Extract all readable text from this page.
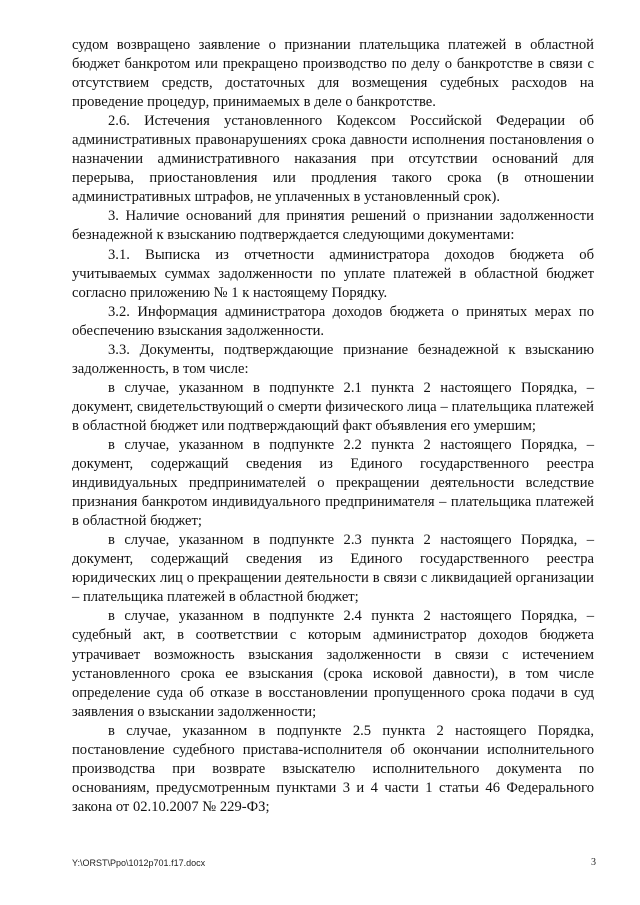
судом возвращено заявление о признании плательщика платежей в областной бюджет банкротом или прекращено производство по делу о банкротстве в связи с отсутствием средств, достаточных для возмещения судебных расходов на проведение процедур, принимаемых в деле о банкротстве.

2.6. Истечения установленного Кодексом Российской Федерации об административных правонарушениях срока давности исполнения постановления о назначении административного наказания при отсутствии оснований для перерыва, приостановления или продления такого срока (в отношении административных штрафов, не уплаченных в установленный срок).

3. Наличие оснований для принятия решений о признании задолженности безнадежной к взысканию подтверждается следующими документами:

3.1. Выписка из отчетности администратора доходов бюджета об учитываемых суммах задолженности по уплате платежей в областной бюджет согласно приложению № 1 к настоящему Порядку.

3.2. Информация администратора доходов бюджета о принятых мерах по обеспечению взыскания задолженности.

3.3. Документы, подтверждающие признание безнадежной к взысканию задолженность, в том числе:

в случае, указанном в подпункте 2.1 пункта 2 настоящего Порядка, – документ, свидетельствующий о смерти физического лица – плательщика платежей в областной бюджет или подтверждающий факт объявления его умершим;

в случае, указанном в подпункте 2.2 пункта 2 настоящего Порядка, – документ, содержащий сведения из Единого государственного реестра индивидуальных предпринимателей о прекращении деятельности вследствие признания банкротом индивидуального предпринимателя – плательщика платежей в областной бюджет;

в случае, указанном в подпункте 2.3 пункта 2 настоящего Порядка, – документ, содержащий сведения из Единого государственного реестра юридических лиц о прекращении деятельности в связи с ликвидацией организации – плательщика платежей в областной бюджет;

в случае, указанном в подпункте 2.4 пункта 2 настоящего Порядка, – судебный акт, в соответствии с которым администратор доходов бюджета утрачивает возможность взыскания задолженности в связи с истечением установленного срока ее взыскания (срока исковой давности), в том числе определение суда об отказе в восстановлении пропущенного срока подачи в суд заявления о взыскании задолженности;

в случае, указанном в подпункте 2.5 пункта 2 настоящего Порядка, постановление судебного пристава-исполнителя об окончании исполнительного производства при возврате взыскателю исполнительного документа по основаниям, предусмотренным пунктами 3 и 4 части 1 статьи 46 Федерального закона от 02.10.2007 № 229-ФЗ;

Y:\ORST\Ppo\1012p701.f17.docx	3
